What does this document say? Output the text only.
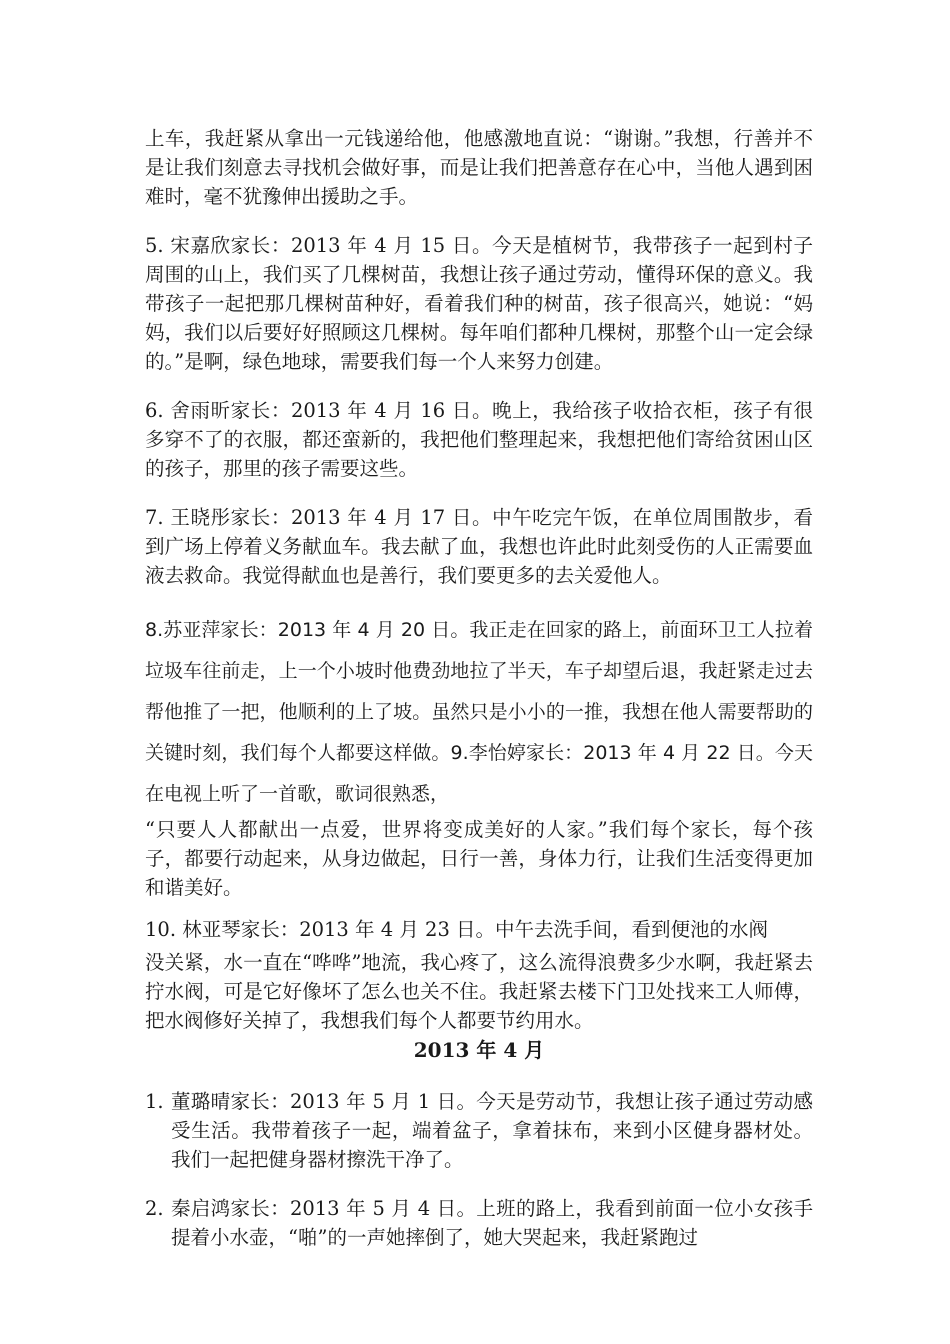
上车，我赶紧从拿出一元钱递给他，他感激地直说：“谢谢。”我想，行善并不是让我们刻意去寻找机会做好事，而是让我们把善意存在心中，当他人遇到困难时，毫不犹豫伸出援助之手。

5. 宋嘉欣家长：2013 年 4 月 15 日。今天是植树节，我带孩子一起到村子周围的山上，我们买了几棵树苗，我想让孩子通过劳动，懂得环保的意义。我带孩子一起把那几棵树苗种好，看着我们种的树苗，孩子很高兴，她说：“妈妈，我们以后要好好照顾这几棵树。每年咱们都种几棵树，那整个山一定会绿的。”是啊，绿色地球，需要我们每一个人来努力创建。

6. 舍雨昕家长：2013 年 4 月 16 日。晚上，我给孩子收拾衣柜，孩子有很多穿不了的衣服，都还蛮新的，我把他们整理起来，我想把他们寄给贫困山区的孩子，那里的孩子需要这些。

7. 王晓彤家长：2013 年 4 月 17 日。中午吃完午饭，在单位周围散步，看到广场上停着义务献血车。我去献了血，我想也许此时此刻受伤的人正需要血液去救命。我觉得献血也是善行，我们要更多的去关爱他人。

8.苏亚萍家长：2013 年 4 月 20 日。我正走在回家的路上，前面环卫工人拉着垃圾车往前走，上一个小坡时他费劲地拉了半天，车子却望后退，我赶紧走过去帮他推了一把，他顺利的上了坡。虽然只是小小的一推，我想在他人需要帮助的关键时刻，我们每个人都要这样做。9.李怡婷家长：2013 年 4 月 22 日。今天在电视上听了一首歌，歌词很熟悉，

“只要人人都献出一点爱，世界将变成美好的人家。”我们每个家长，每个孩子，都要行动起来，从身边做起，日行一善，身体力行，让我们生活变得更加和谐美好。

10. 林亚琴家长：2013 年 4 月 23 日。中午去洗手间，看到便池的水阀

没关紧，水一直在“哗哗”地流，我心疼了，这么流得浪费多少水啊，我赶紧去拧水阀，可是它好像坏了怎么也关不住。我赶紧去楼下门卫处找来工人师傅，把水阀修好关掉了，我想我们每个人都要节约用水。

2013 年 4 月
1. 董璐晴家长：2013 年 5 月 1 日。今天是劳动节，我想让孩子通过劳动感受生活。我带着孩子一起，端着盆子，拿着抹布，来到小区健身器材处。我们一起把健身器材擦洗干净了。
2. 秦启鸿家长：2013 年 5 月 4 日。上班的路上，我看到前面一位小女孩手提着小水壶，“啪”的一声她摔倒了，她大哭起来，我赶紧跑过
